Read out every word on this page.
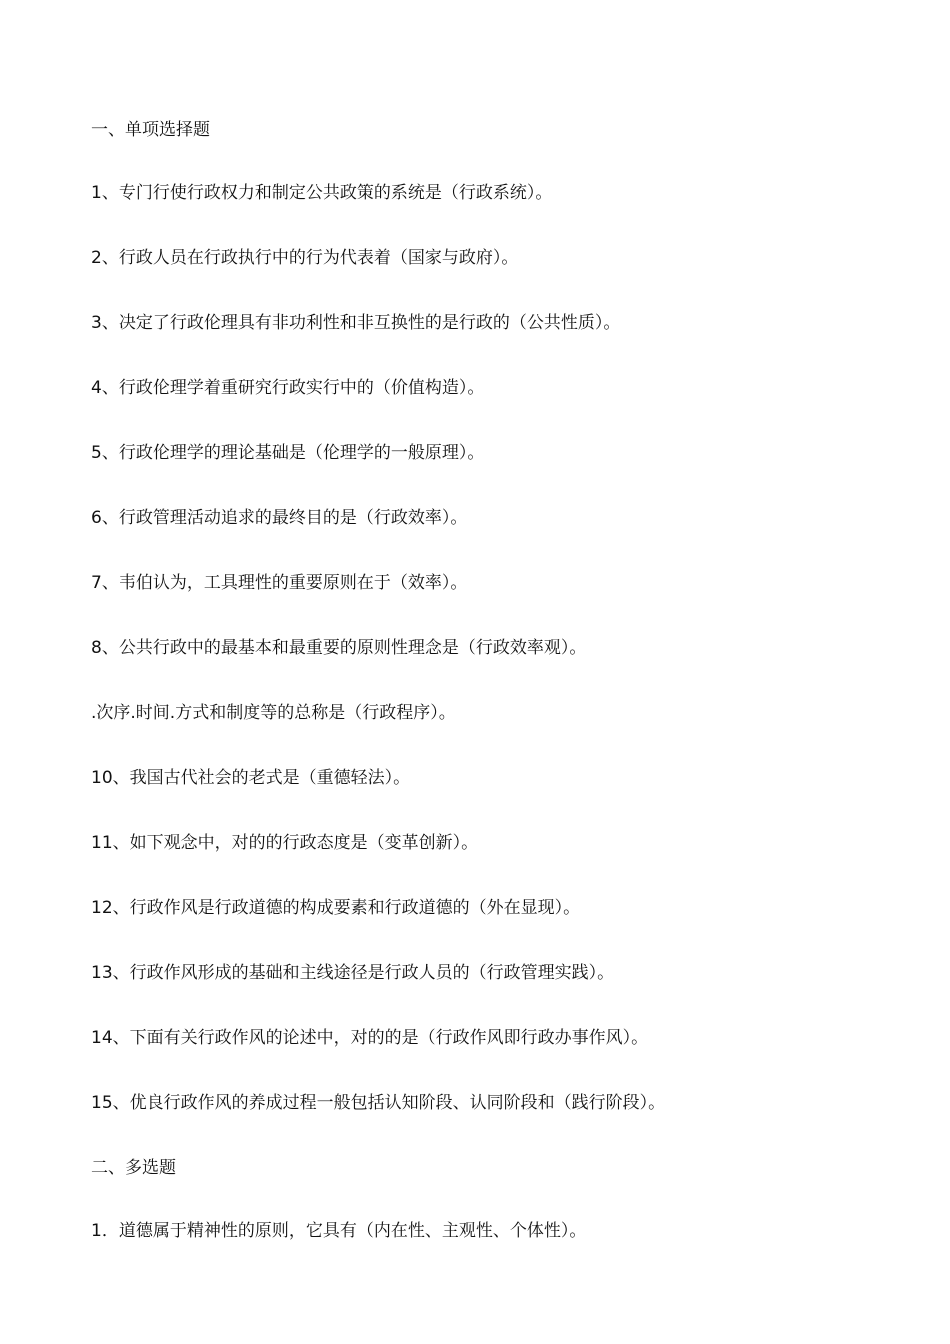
一、单项选择题
1、专门行使行政权力和制定公共政策的系统是（行政系统）。
2、行政人员在行政执行中的行为代表着（国家与政府）。
3、决定了行政伦理具有非功利性和非互换性的是行政的（公共性质）。
4、行政伦理学着重研究行政实行中的（价值构造）。
5、行政伦理学的理论基础是（伦理学的一般原理）。
6、行政管理活动追求的最终目的是（行政效率）。
7、韦伯认为，工具理性的重要原则在于（效率）。
8、公共行政中的最基本和最重要的原则性理念是（行政效率观）。
.次序.时间.方式和制度等的总称是（行政程序）。
10、我国古代社会的老式是（重德轻法）。
11、如下观念中，对的的行政态度是（变革创新）。
12、行政作风是行政道德的构成要素和行政道德的（外在显现）。
13、行政作风形成的基础和主线途径是行政人员的（行政管理实践）。
14、下面有关行政作风的论述中，对的的是（行政作风即行政办事作风）。
15、优良行政作风的养成过程一般包括认知阶段、认同阶段和（践行阶段）。
二、多选题
1．道德属于精神性的原则，它具有（内在性、主观性、个体性）。
